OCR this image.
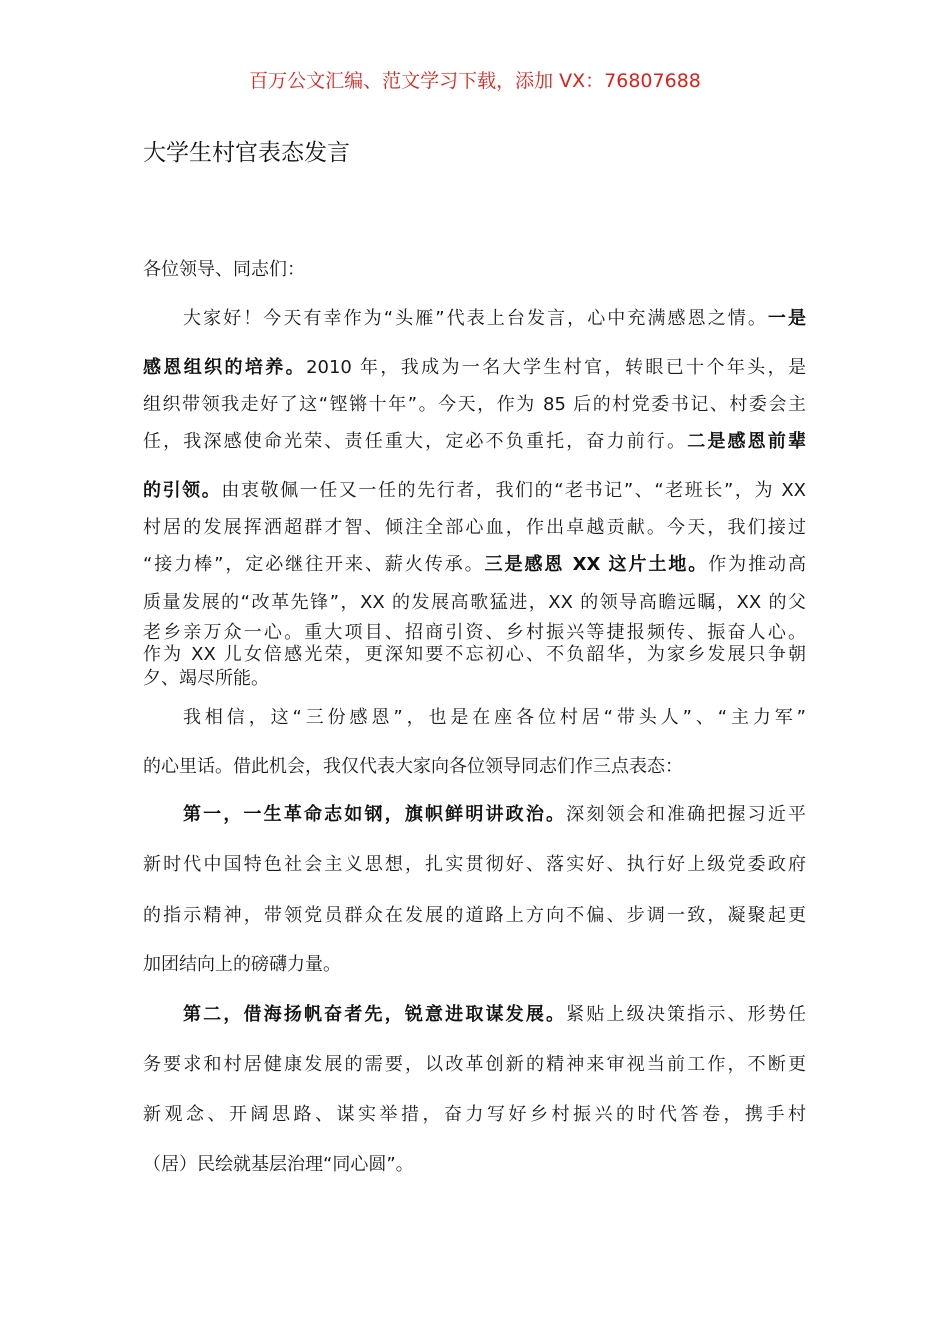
百万公文汇编、范文学习下载，添加 VX：76807688
大学生村官表态发言
各位领导、同志们：
大家好！今天有幸作为“头雁”代表上台发言，心中充满感恩之情。一是
感恩组织的培养。2010 年，我成为一名大学生村官，转眼已十个年头，是
组织带领我走好了这“铿锵十年”。今天，作为 85 后的村党委书记、村委会主
任，我深感使命光荣、责任重大，定必不负重托，奋力前行。二是感恩前辈
的引领。由衷敬佩一任又一任的先行者，我们的“老书记”、“老班长”，为 XX
村居的发展挥洒超群才智、倾注全部心血，作出卓越贡献。今天，我们接过
“接力棒”，定必继往开来、薪火传承。三是感恩 XX 这片土地。作为推动高
质量发展的“改革先锋”，XX 的发展高歌猛进，XX 的领导高瞻远瞩，XX 的父
老乡亲万众一心。重大项目、招商引资、乡村振兴等捷报频传、振奋人心。
作为 XX 儿女倍感光荣，更深知要不忘初心、不负韶华，为家乡发展只争朝
夕、竭尽所能。
我相信，这“三份感恩”，也是在座各位村居“带头人”、“主力军”
的心里话。借此机会，我仅代表大家向各位领导同志们作三点表态：
第一，一生革命志如钢，旗帜鲜明讲政治。深刻领会和准确把握习近平
新时代中国特色社会主义思想，扎实贯彻好、落实好、执行好上级党委政府
的指示精神，带领党员群众在发展的道路上方向不偏、步调一致，凝聚起更
加团结向上的磅礴力量。
第二，借海扬帆奋者先，锐意进取谋发展。紧贴上级决策指示、形势任
务要求和村居健康发展的需要，以改革创新的精神来审视当前工作，不断更
新观念、开阔思路、谋实举措，奋力写好乡村振兴的时代答卷，携手村
（居）民绘就基层治理“同心圆”。
